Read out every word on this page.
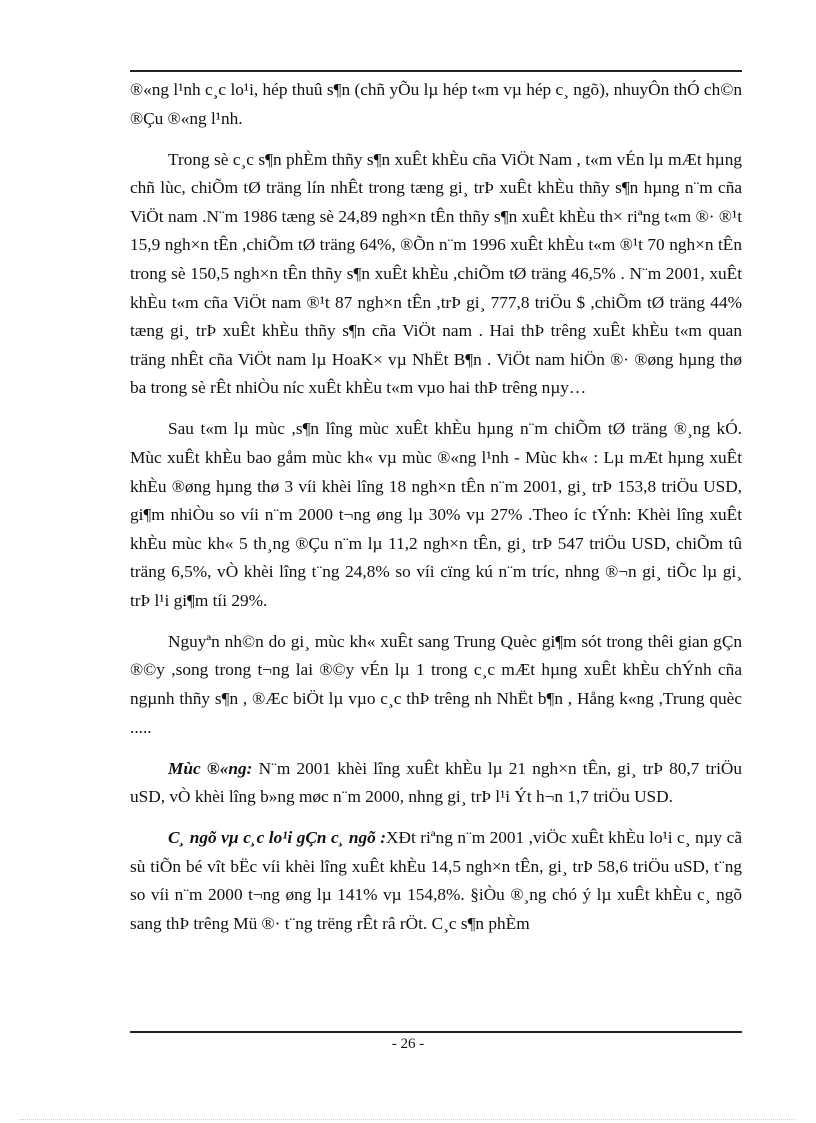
®«ng l¹nh c¸c lo¹i, hép thuû s¶n (chñ yÕu lµ hép t«m vµ hép c¸ ngõ), nhuyÔn thÓ ch©n ®Çu ®«ng l¹nh.

Trong sè c¸c s¶n phÈm thñy s¶n xuÊt khÈu cña ViÖt Nam , t«m vÉn lµ mÆt hµng chñ lùc, chiÕm tØ träng lín nhÊt trong tæng gi¸ trÞ xuÊt khÈu thñy s¶n hµng n¨m cña ViÖt nam .N¨m 1986 tæng sè 24,89 ngh×n tÊn thñy s¶n xuÊt khÈu th× riªng t«m ®· ®¹t 15,9 ngh×n tÊn ,chiÕm tØ träng 64%, ®Õn n¨m 1996 xuÊt khÈu t«m ®¹t 70 ngh×n tÊn trong sè 150,5 ngh×n tÊn thñy s¶n xuÊt khÈu ,chiÕm tØ träng 46,5% . N¨m 2001, xuÊt khÈu t«m cña ViÖt nam ®¹t 87 ngh×n tÊn ,trÞ gi¸ 777,8 triÖu $ ,chiÕm tØ träng 44% tæng gi¸ trÞ xuÊt khÈu thñy s¶n cña ViÖt nam . Hai thÞ trêng xuÊt khÈu t«m quan träng nhÊt cña ViÖt nam lµ HoaK× vµ NhËt B¶n . ViÖt nam hiÖn ®· ®øng hµng thø ba trong sè rÊt nhiÒu níc xuÊt khÈu t«m vµo hai thÞ trêng nµy…

Sau t«m lµ mùc ,s¶n lîng mùc xuÊt khÈu hµng n¨m chiÕm tØ träng ®¸ng kÓ. Mùc xuÊt khÈu bao gåm mùc kh« vµ mùc ®«ng l¹nh - Mùc kh« : Lµ mÆt hµng xuÊt khÈu ®øng hµng thø 3 víi khèi lîng 18 ngh×n tÊn n¨m 2001, gi¸ trÞ 153,8 triÖu USD, gi¶m nhiÒu so víi n¨m 2000 t¬ng øng lµ 30% vµ 27% .Theo íc tÝnh: Khèi lîng xuÊt khÈu mùc kh« 5 th¸ng ®Çu n¨m lµ 11,2 ngh×n tÊn, gi¸ trÞ 547 triÖu USD, chiÕm tû träng 6,5%, vÒ khèi lîng t¨ng 24,8% so víi cïng kú n¨m tríc, nhng ®¬n gi¸ tiÕc lµ gi¸ trÞ l¹i gi¶m tíi 29%.

Nguyªn nh©n do gi¸ mùc kh« xuÊt sang Trung Quèc gi¶m sót trong thêi gian gÇn ®©y ,song trong t¬ng lai ®©y vÉn lµ 1 trong c¸c mÆt hµng xuÊt khÈu chÝnh cña ngµnh thñy s¶n , ®Æc biÖt lµ vµo c¸c thÞ trêng nh NhËt b¶n , Hång k«ng ,Trung quèc .....

Mùc ®«ng: N¨m 2001 khèi lîng xuÊt khÈu lµ 21 ngh×n tÊn, gi¸ trÞ 80,7 triÖu uSD, vÒ khèi lîng b»ng møc n¨m 2000, nhng gi¸ trÞ l¹i Ýt h¬n 1,7 triÖu USD.

C¸ ngõ vµ c¸c lo¹i gÇn c¸ ngõ :XÐt riªng n¨m 2001 ,viÖc xuÊt khÈu lo¹i c¸ nµy cã sù tiÕn bé vît bËc víi khèi lîng xuÊt khÈu 14,5 ngh×n tÊn, gi¸ trÞ 58,6 triÖu uSD, t¨ng so víi n¨m 2000 t¬ng øng lµ 141% vµ 154,8%. §iÒu ®¸ng chó ý lµ xuÊt khÈu c¸ ngõ sang thÞ trêng Mü ®· t¨ng trëng rÊt râ rÖt. C¸c s¶n phÈm

- 26 -
